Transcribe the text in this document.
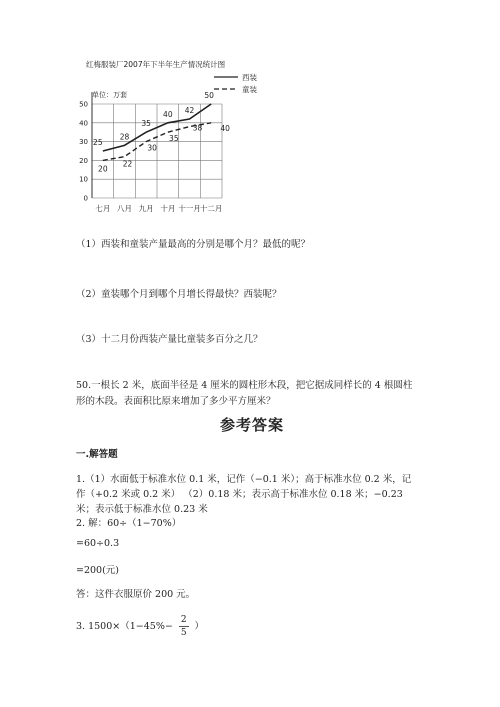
红梅服装厂2007年下半年生产情况统计图
0
10
20
30
40
50
七月 八月 九月 十月 十一月 十二月
25
28
35
40 42
50
20
22
30
35
38 40
西装
童装
单位：万套
（1）西装和童装产量最高的分别是哪个月？最低的呢？
（2）童装哪个月到哪个月增长得最快？西装呢？
（3）十二月份西装产量比童装多百分之几？
50.一根长 2 米，底面半径是 4 厘米的圆柱形木段，把它据成同样长的 4 根圆柱
形的木段。表面积比原来增加了多少平方厘米？
参考答案
一.解答题
1.（1）水面低于标准水位 0.1 米，记作（−0.1 米）；高于标准水位 0.2 米，记
作（+0.2 米或 0.2 米） （2）0.18 米；表示高于标准水位 0.18 米；−0.23
米；表示低于标准水位 0.23 米
2. 解：60÷（1−70%）
=60÷0.3
=200(元)
答：这件衣服原价 200 元。
3. $1500\times(1-45\%- \frac{2}{5}$ ）
